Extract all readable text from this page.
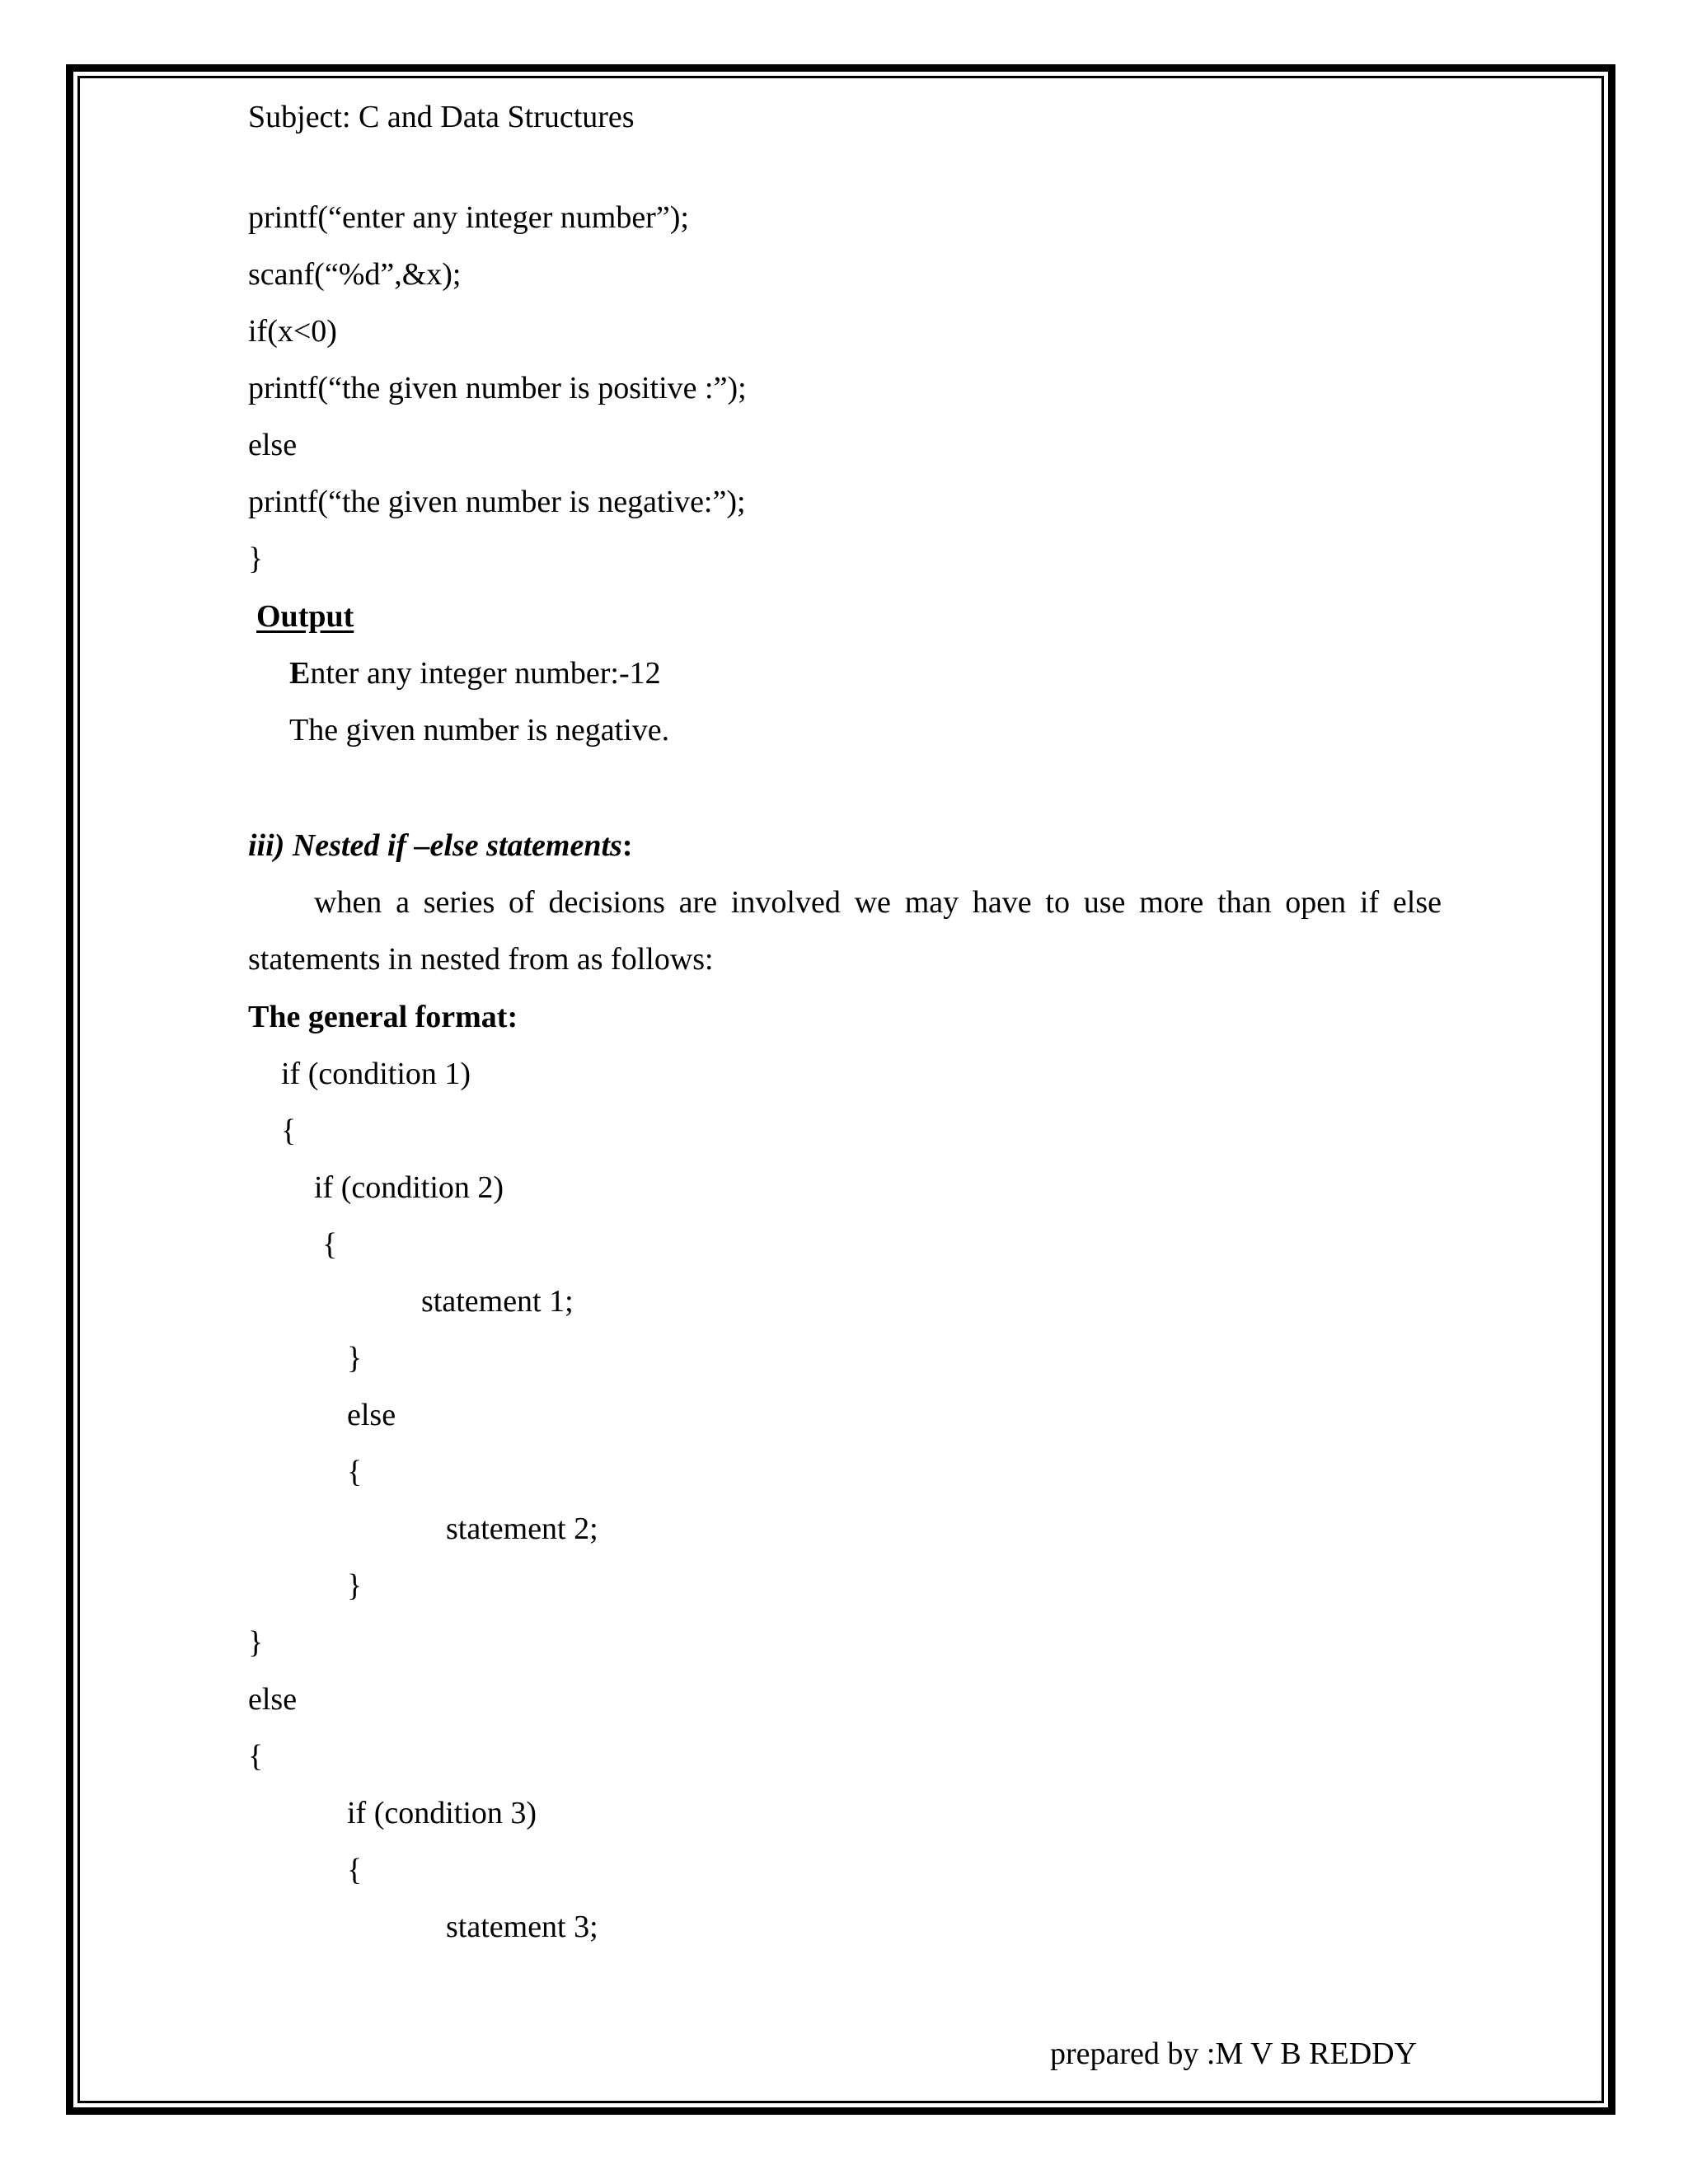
Subject: C and Data Structures
printf(“enter any integer number”);
scanf(“%d”,&x);
if(x<0)
printf(“the given number is positive :”);
else
printf(“the given number is negative:”);
}
Output
Enter any integer number:-12
The given number is negative.
iii) Nested if –else statements:
when a series of decisions are involved we may have to use more than open if else
statements in nested from as follows:
The general format:
if (condition 1)
{
if (condition 2)
{
statement 1;
}
else
{
statement 2;
}
}
else
{
if (condition 3)
{
statement 3;
prepared by :M V B REDDY
